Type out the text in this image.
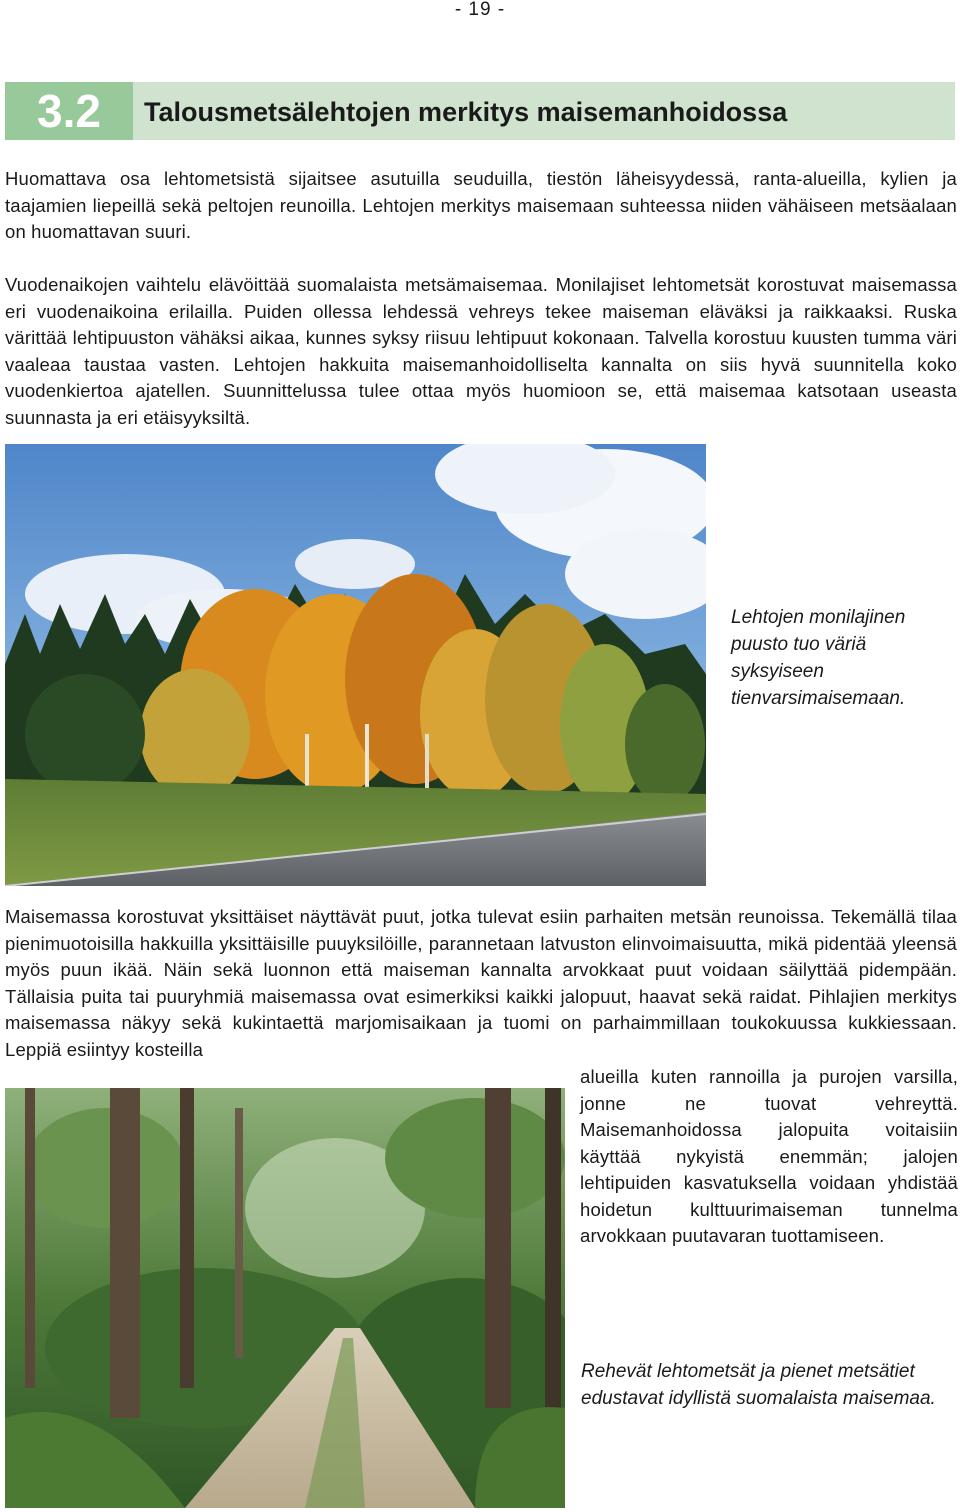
- 19 -
3.2	Talousmetsälehtojen merkitys maisemanhoidossa

Huomattava osa lehtometsistä sijaitsee asutuilla seuduilla, tiestön läheisyydessä, ranta-alueilla, kylien ja taajamien liepeillä sekä peltojen reunoilla. Lehtojen merkitys maisemaan suhteessa niiden vähäiseen metsäalaan on huomattavan suuri.

Vuodenaikojen vaihtelu elävöittää suomalaista metsämaisemaa. Monilajiset lehtometsät korostuvat maisemassa eri vuodenaikoina erilailla. Puiden ollessa lehdessä vehreys tekee maiseman eläväksi ja raikkaaksi. Ruska värittää lehtipuuston vähäksi aikaa, kunnes syksy riisuu lehtipuut kokonaan. Talvella korostuu kuusten tumma väri vaaleaa taustaa vasten. Lehtojen hakkuita maisemanhoidolliselta kannalta on siis hyvä suunnitella koko vuodenkiertoa ajatellen. Suunnittelussa tulee ottaa myös huomioon se, että maisemaa katsotaan useasta suunnasta ja eri etäisyyksiltä.

Lehtojen monilajinen puusto tuo väriä syksyiseen tienvarsimaisemaan.

Maisemassa korostuvat yksittäiset näyttävät puut, jotka tulevat esiin parhaiten metsän reunoissa. Tekemällä tilaa pienimuotoisilla hakkuilla yksittäisille puuyksilöille, parannetaan latvuston elinvoimaisuutta, mikä pidentää yleensä myös puun ikää. Näin sekä luonnon että maiseman kannalta arvokkaat puut voidaan säilyttää pidempään. Tällaisia puita tai puuryhmiä maisemassa ovat esimerkiksi kaikki jalopuut, haavat sekä raidat. Pihlajien merkitys maisemassa näkyy sekä kukintaettä marjomisaikaan ja tuomi on parhaimmillaan toukokuussa kukkiessaan. Leppiä esiintyy kosteilla

alueilla kuten rannoilla ja purojen varsilla, jonne ne tuovat vehreyttä. Maisemanhoidossa jalopuita voitaisiin käyttää nykyistä enemmän; jalojen lehtipuiden kasvatuksella voidaan yhdistää hoidetun kulttuurimaiseman tunnelma arvokkaan puutavaran tuottamiseen.

Rehevät lehtometsät ja pienet metsätiet edustavat idyllistä suomalaista maisemaa.
